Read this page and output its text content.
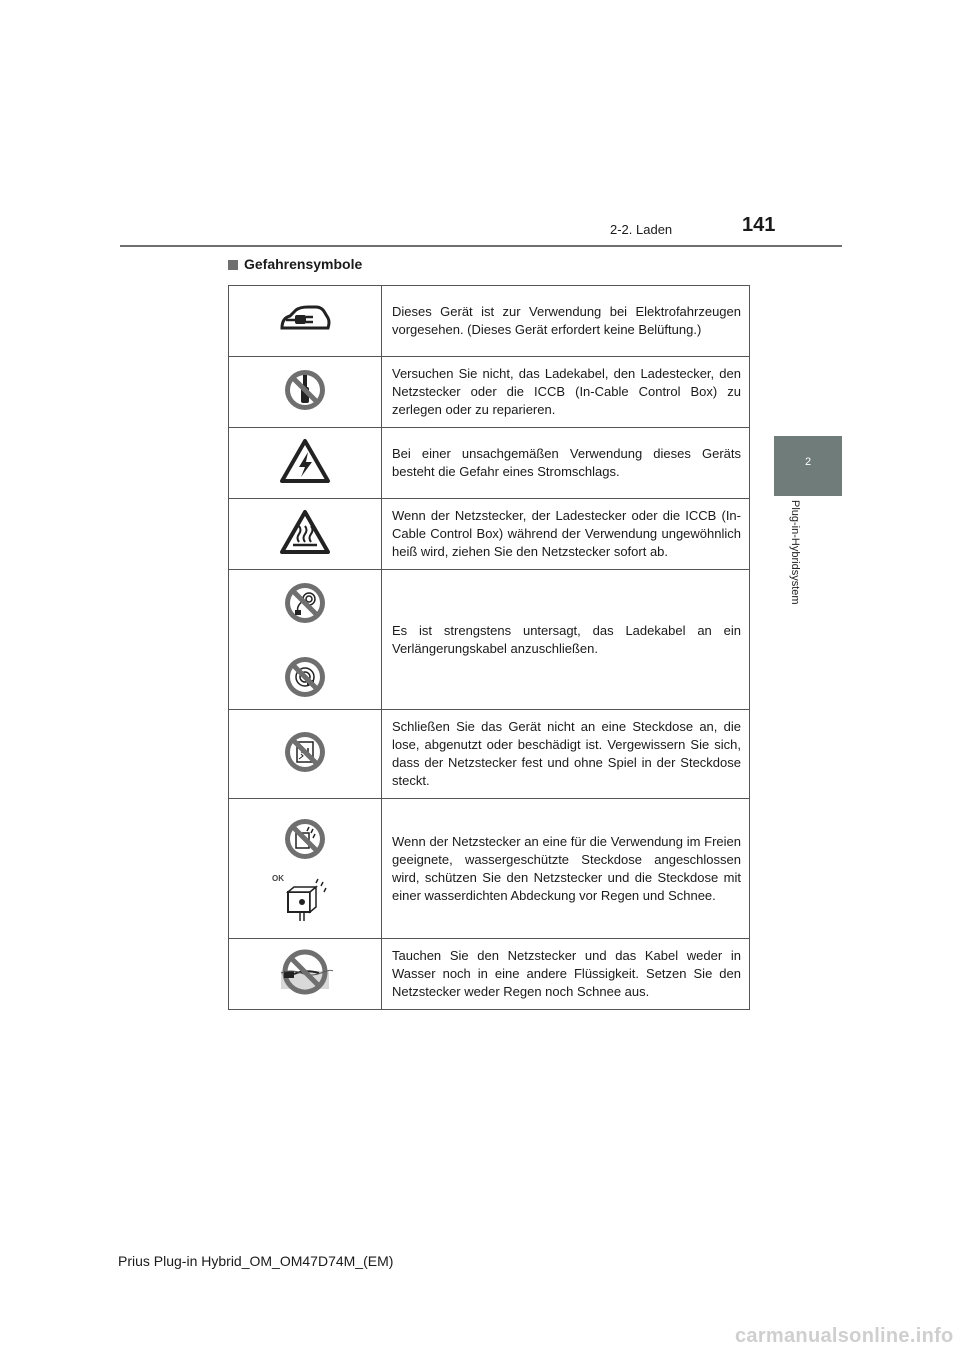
2-2. Laden	141
2
Plug-in-Hybridsystem
Gefahrensymbole
	Dieses Gerät ist zur Verwendung bei Elektrofahrzeugen vorgesehen. (Dieses Gerät erfordert keine Belüftung.)

	Versuchen Sie nicht, das Ladekabel, den Ladestecker, den Netzstecker oder die ICCB (In-Cable Control Box) zu zerlegen oder zu reparieren.

	Bei einer unsachgemäßen Verwendung dieses Geräts besteht die Gefahr eines Stromschlags.

	Wenn der Netzstecker, der Ladestecker oder die ICCB (In-Cable Control Box) während der Verwendung ungewöhnlich heiß wird, ziehen Sie den Netzstecker sofort ab.

	Es ist strengstens untersagt, das Ladekabel an ein Verlängerungskabel anzuschließen.

	Schließen Sie das Gerät nicht an eine Steckdose an, die lose, abgenutzt oder beschädigt ist. Vergewissern Sie sich, dass der Netzstecker fest und ohne Spiel in der Steckdose steckt.

OK	Wenn der Netzstecker an eine für die Verwendung im Freien geeignete, wassergeschützte Steckdose angeschlossen wird, schützen Sie den Netzstecker und die Steckdose mit einer wasserdichten Abdeckung vor Regen und Schnee.

	Tauchen Sie den Netzstecker und das Kabel weder in Wasser noch in eine andere Flüssigkeit. Setzen Sie den Netzstecker weder Regen noch Schnee aus.
Prius Plug-in Hybrid_OM_OM47D74M_(EM)
carmanualsonline.info
